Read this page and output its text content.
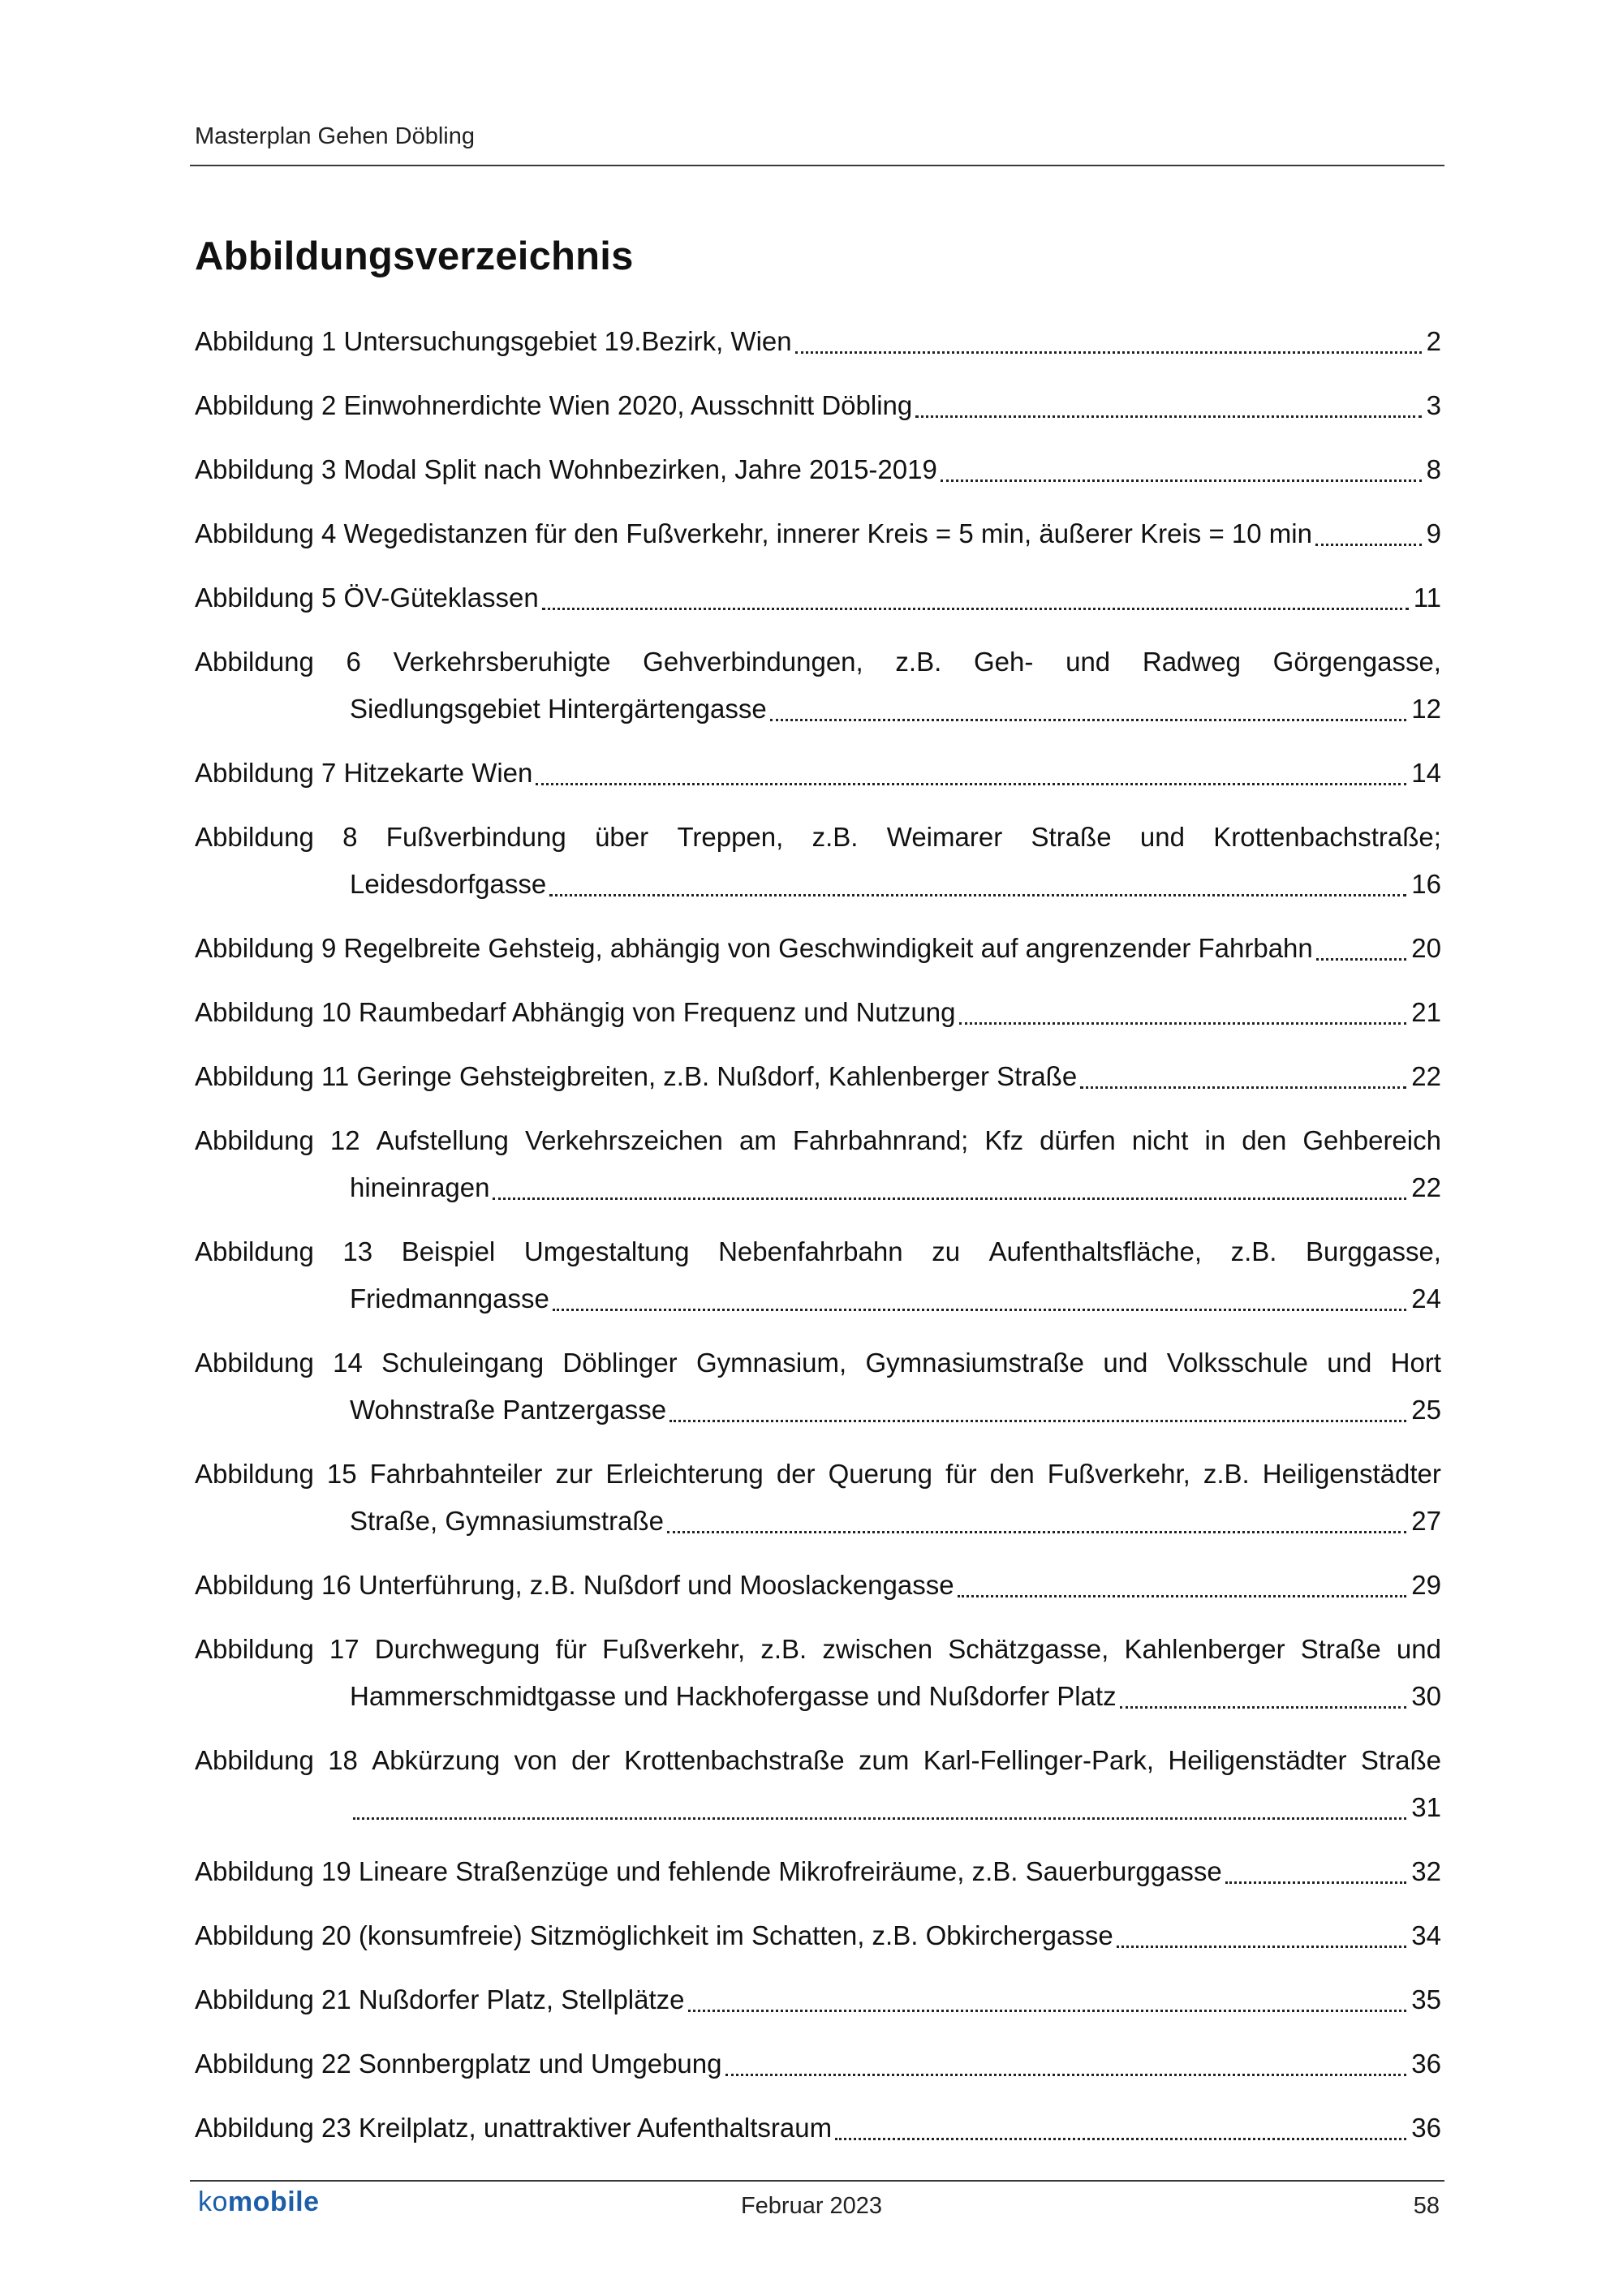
Masterplan Gehen Döbling
Abbildungsverzeichnis
Abbildung 1 Untersuchungsgebiet 19.Bezirk, Wien	2
Abbildung 2 Einwohnerdichte Wien 2020, Ausschnitt Döbling	3
Abbildung 3 Modal Split nach Wohnbezirken, Jahre 2015-2019	8
Abbildung 4 Wegedistanzen für den Fußverkehr, innerer Kreis = 5 min, äußerer Kreis = 10 min	9
Abbildung 5 ÖV-Güteklassen	11
Abbildung 6 Verkehrsberuhigte Gehverbindungen, z.B. Geh- und Radweg Görgengasse,
Siedlungsgebiet Hintergärtengasse	12
Abbildung 7 Hitzekarte Wien	14
Abbildung 8 Fußverbindung über Treppen, z.B. Weimarer Straße und Krottenbachstraße;
Leidesdorfgasse	16
Abbildung 9 Regelbreite Gehsteig, abhängig von Geschwindigkeit auf angrenzender Fahrbahn	20
Abbildung 10 Raumbedarf Abhängig von Frequenz und Nutzung	21
Abbildung 11 Geringe Gehsteigbreiten, z.B. Nußdorf, Kahlenberger Straße	22
Abbildung 12 Aufstellung Verkehrszeichen am Fahrbahnrand; Kfz dürfen nicht in den Gehbereich
hineinragen	22
Abbildung 13 Beispiel Umgestaltung Nebenfahrbahn zu Aufenthaltsfläche, z.B. Burggasse,
Friedmanngasse	24
Abbildung 14 Schuleingang Döblinger Gymnasium, Gymnasiumstraße und Volksschule und Hort
Wohnstraße Pantzergasse	25
Abbildung 15 Fahrbahnteiler zur Erleichterung der Querung für den Fußverkehr, z.B. Heiligenstädter
Straße, Gymnasiumstraße	27
Abbildung 16 Unterführung, z.B. Nußdorf und Mooslackengasse	29
Abbildung 17 Durchwegung für Fußverkehr, z.B. zwischen Schätzgasse, Kahlenberger Straße und
Hammerschmidtgasse und Hackhofergasse und Nußdorfer Platz	30
Abbildung 18 Abkürzung von der Krottenbachstraße zum Karl-Fellinger-Park, Heiligenstädter Straße
31
Abbildung 19 Lineare Straßenzüge und fehlende Mikrofreiräume, z.B. Sauerburggasse	32
Abbildung 20 (konsumfreie) Sitzmöglichkeit im Schatten, z.B. Obkirchergasse	34
Abbildung 21 Nußdorfer Platz, Stellplätze	35
Abbildung 22 Sonnbergplatz und Umgebung	36
Abbildung 23 Kreilplatz, unattraktiver Aufenthaltsraum	36
komobile	Februar 2023	58
